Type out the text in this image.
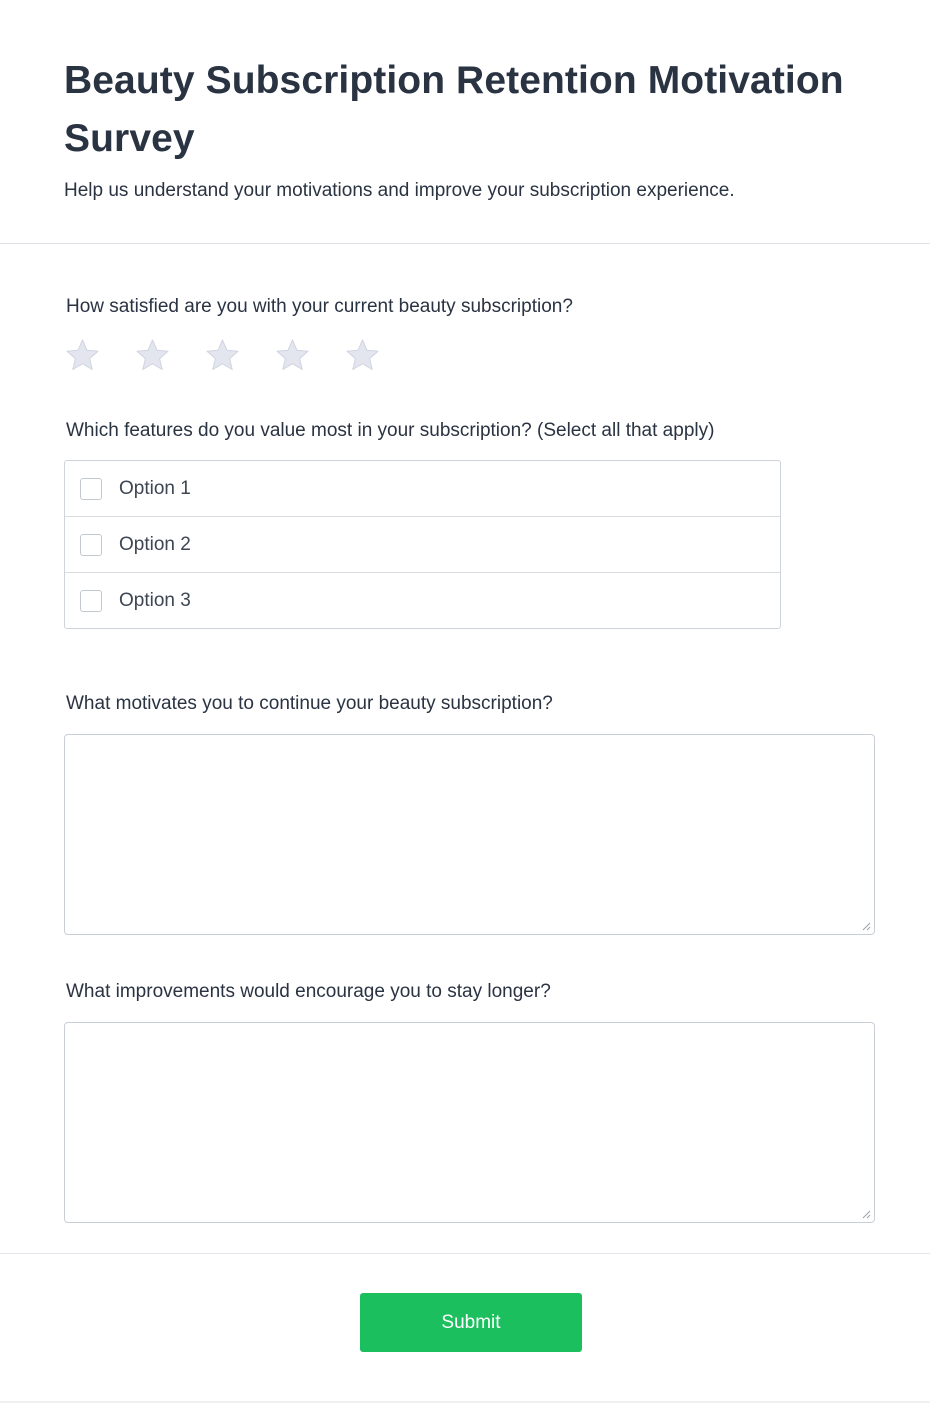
Beauty Subscription Retention Motivation Survey

Help us understand your motivations and improve your subscription experience.

How satisfied are you with your current beauty subscription?

Which features do you value most in your subscription? (Select all that apply)

Option 1
Option 2
Option 3

What motivates you to continue your beauty subscription?

What improvements would encourage you to stay longer?

Submit
